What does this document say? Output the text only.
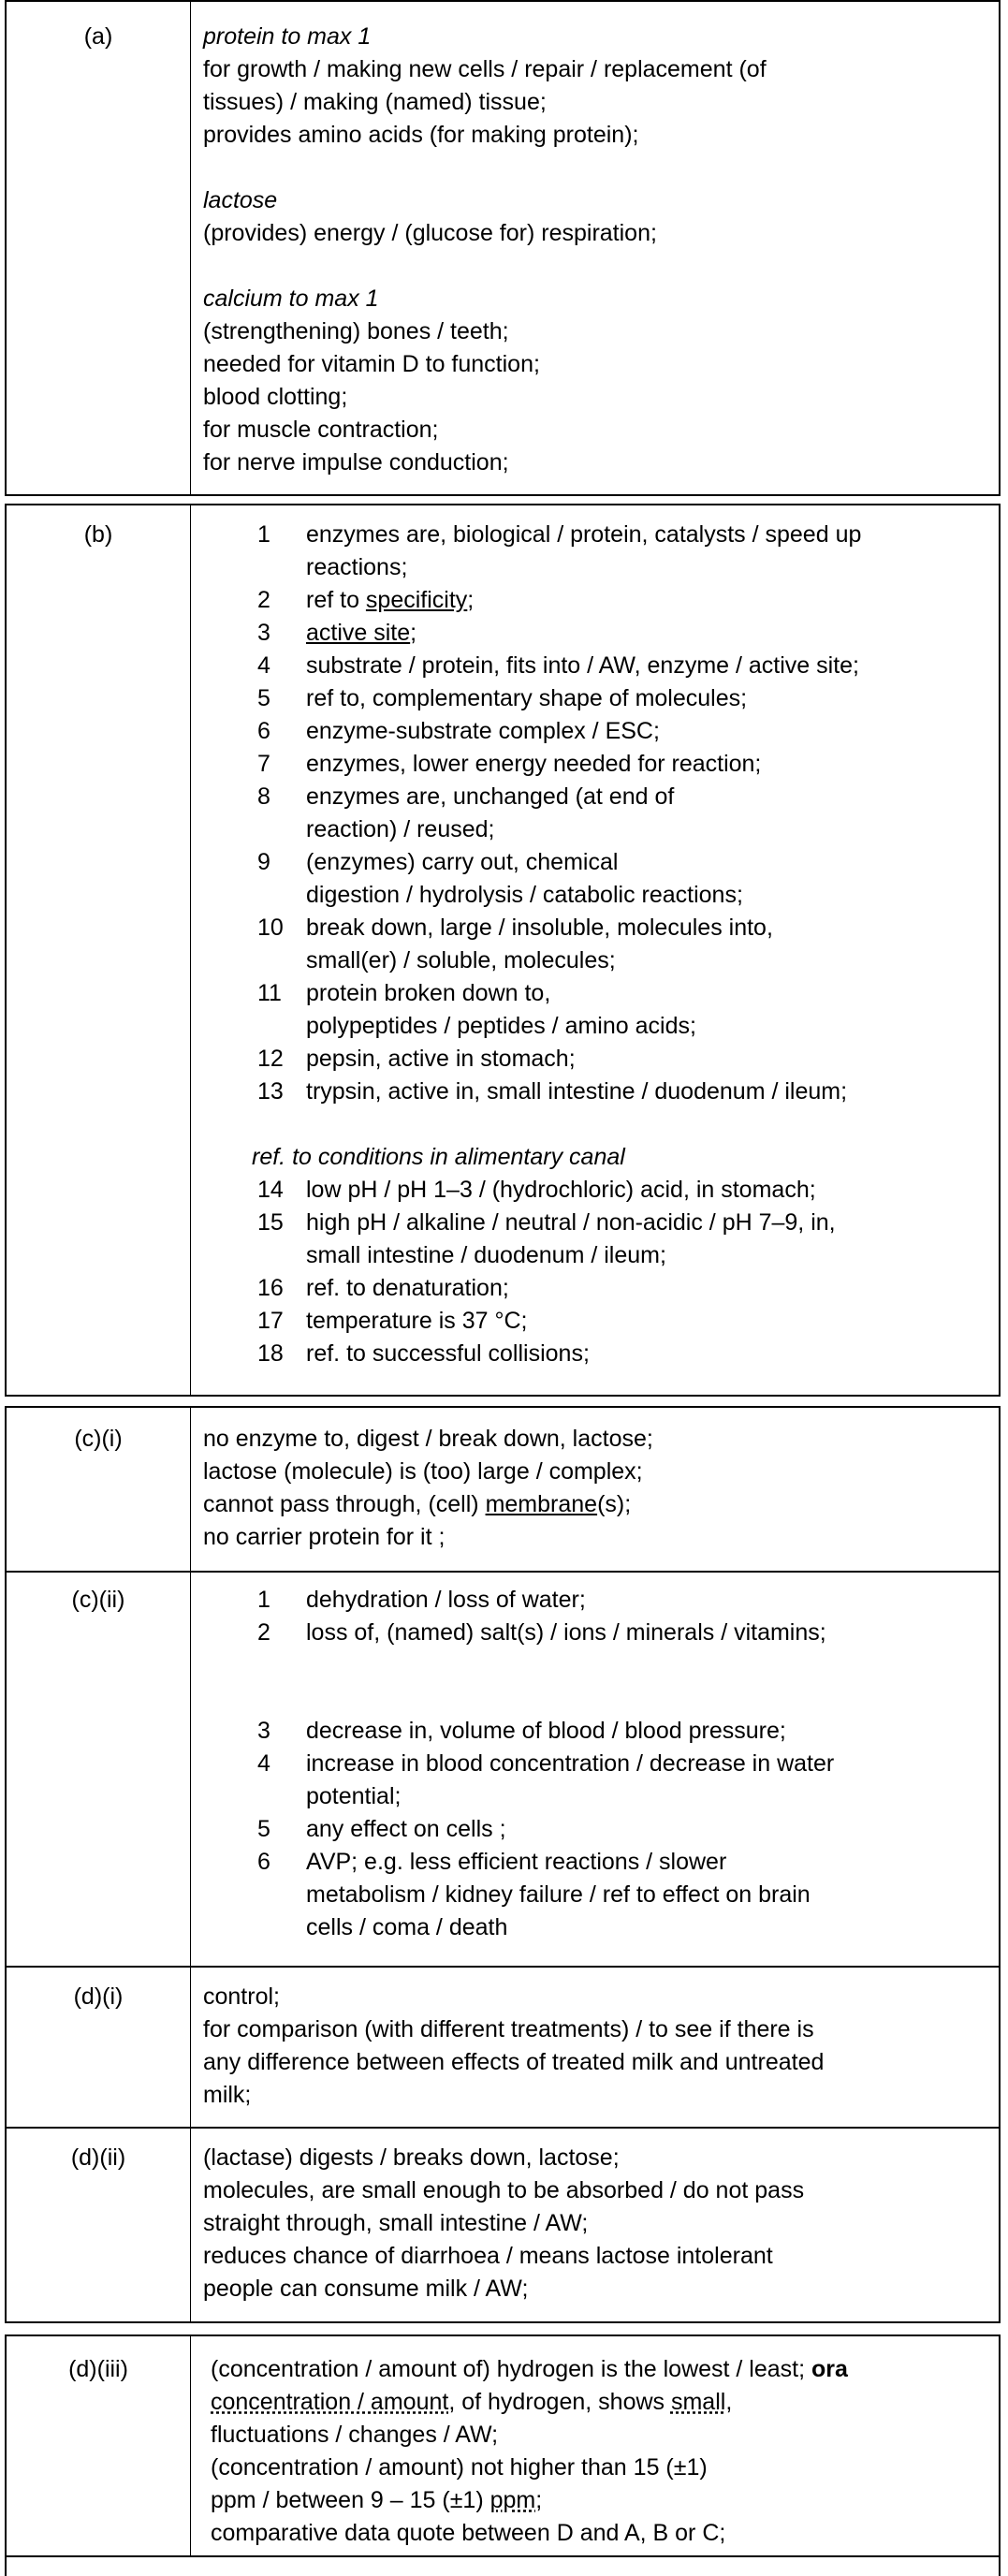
(a)	protein to max 1
for growth / making new cells / repair / replacement (of
tissues) / making (named) tissue;
provides amino acids (for making protein);
lactose
(provides) energy / (glucose for) respiration;
calcium to max 1
(strengthening) bones / teeth;
needed for vitamin D to function;
blood clotting;
for muscle contraction;
for nerve impulse conduction;
(b)	1	enzymes are, biological / protein, catalysts / speed up
reactions;
2	ref to specificity;
3	active site;
4	substrate / protein, fits into / AW, enzyme / active site;
5	ref to, complementary shape of molecules;
6	enzyme-substrate complex / ESC;
7	enzymes, lower energy needed for reaction;
8	enzymes are, unchanged (at end of
reaction) / reused;
9	(enzymes) carry out, chemical
digestion / hydrolysis / catabolic reactions;
10 break down, large / insoluble, molecules into,
small(er) / soluble, molecules;
11	protein broken down to,
polypeptides / peptides / amino acids;
12 pepsin, active in stomach;
13 trypsin, active in, small intestine / duodenum / ileum;
ref. to conditions in alimentary canal
14 low pH / pH 1–3 / (hydrochloric) acid, in stomach;
15 high pH / alkaline / neutral / non-acidic / pH 7–9, in,
small intestine / duodenum / ileum;
16 ref. to denaturation;
17 temperature is 37 °C;
18 ref. to successful collisions;
(c)(i)	no enzyme to, digest / break down, lactose;
lactose (molecule) is (too) large / complex;
cannot pass through, (cell) membrane(s);
no carrier protein for it ;
(c)(ii)	1	dehydration / loss of water;
2	loss of, (named) salt(s) / ions / minerals / vitamins;
3	decrease in, volume of blood / blood pressure;
4	increase in blood concentration / decrease in water
potential;
5	any effect on cells ;
6	AVP; e.g. less efficient reactions / slower
metabolism / kidney failure / ref to effect on brain
cells / coma / death
(d)(i)	control;
for comparison (with different treatments) / to see if there is
any difference between effects of treated milk and untreated
milk;
(d)(ii)	(lactase) digests / breaks down, lactose;
molecules, are small enough to be absorbed / do not pass
straight through, small intestine / AW;
reduces chance of diarrhoea / means lactose intolerant
people can consume milk / AW;
(d)(iii)	(concentration / amount of) hydrogen is the lowest / least; ora
concentration / amount, of hydrogen, shows small,
fluctuations / changes / AW;
(concentration / amount) not higher than 15 (±1)
ppm / between 9 – 15 (±1) ppm;
comparative data quote between D and A, B or C;
